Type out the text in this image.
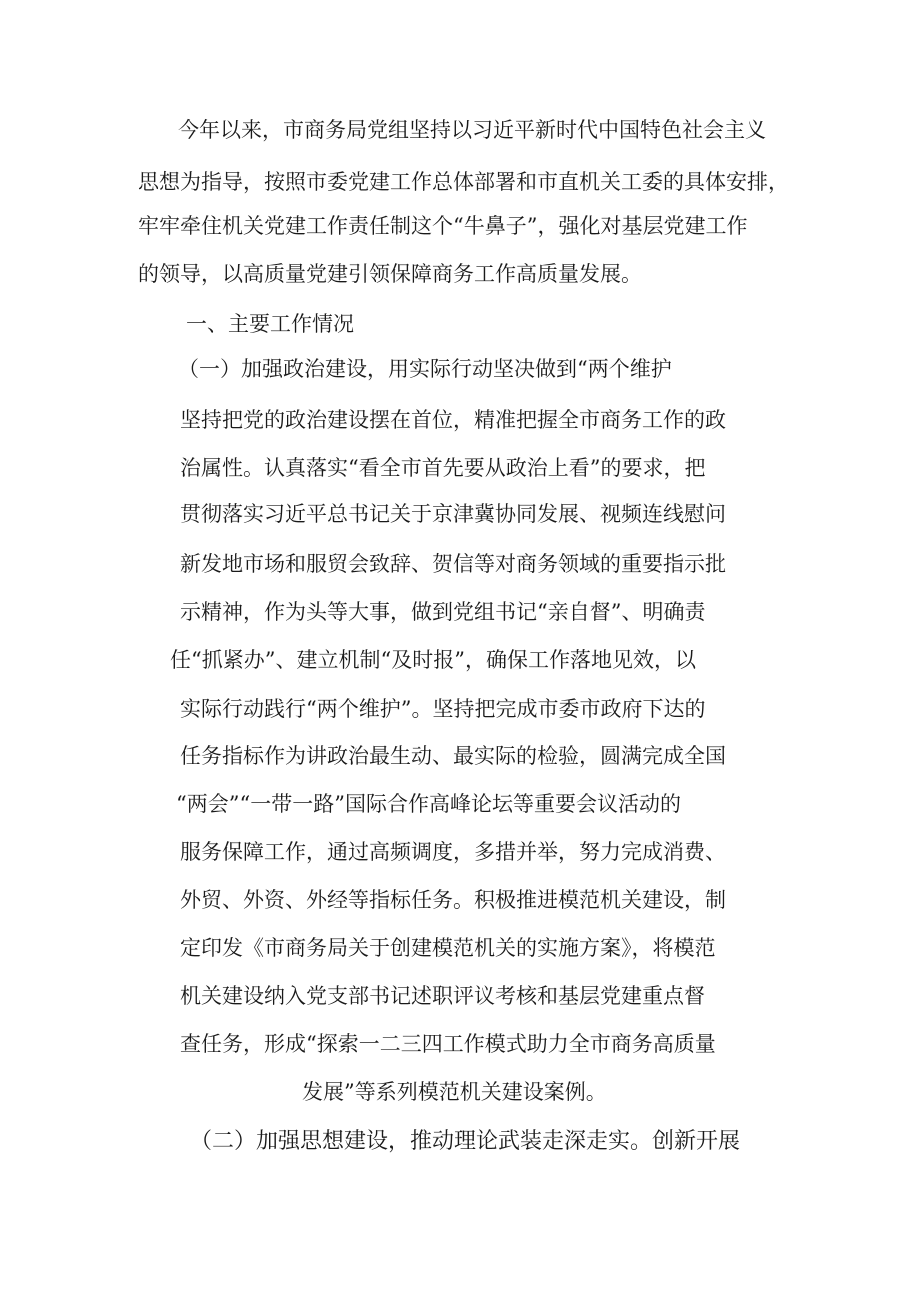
今年以来，市商务局党组坚持以习近平新时代中国特色社会主义
思想为指导，按照市委党建工作总体部署和市直机关工委的具体安排，
牢牢牵住机关党建工作责任制这个“牛鼻子”，强化对基层党建工作
的领导，以高质量党建引领保障商务工作高质量发展。
一、主要工作情况
（一）加强政治建设，用实际行动坚决做到“两个维护
坚持把党的政治建设摆在首位，精准把握全市商务工作的政
治属性。认真落实“看全市首先要从政治上看”的要求，把
贯彻落实习近平总书记关于京津冀协同发展、视频连线慰问
新发地市场和服贸会致辞、贺信等对商务领域的重要指示批
示精神，作为头等大事，做到党组书记“亲自督”、明确责
任“抓紧办”、建立机制“及时报”，确保工作落地见效，以
实际行动践行“两个维护”。坚持把完成市委市政府下达的
任务指标作为讲政治最生动、最实际的检验，圆满完成全国
“两会”“一带一路”国际合作高峰论坛等重要会议活动的
服务保障工作，通过高频调度，多措并举，努力完成消费、
外贸、外资、外经等指标任务。积极推进模范机关建设，制
定印发《市商务局关于创建模范机关的实施方案》，将模范
机关建设纳入党支部书记述职评议考核和基层党建重点督
查任务，形成“探索一二三四工作模式助力全市商务高质量
发展”等系列模范机关建设案例。
（二）加强思想建设，推动理论武装走深走实。创新开展
